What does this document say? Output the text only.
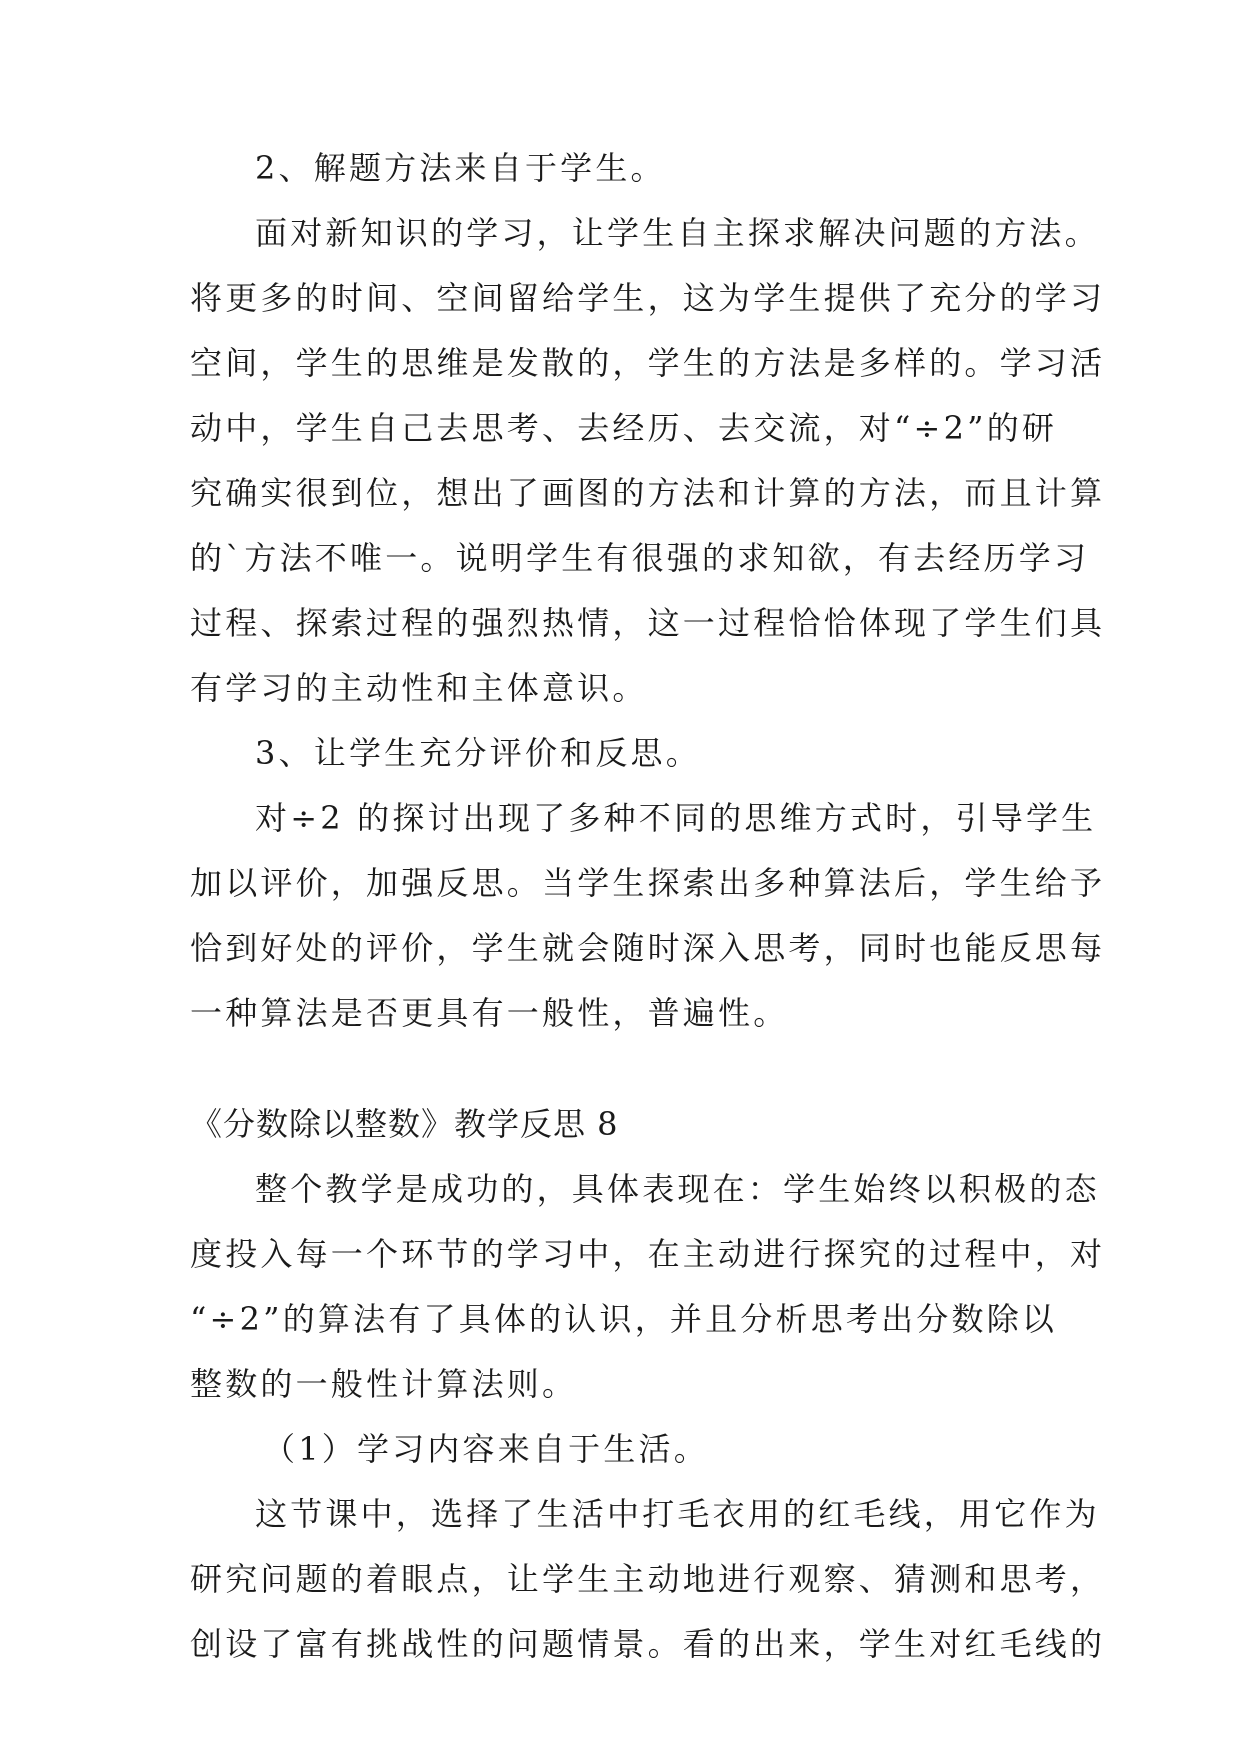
2、解题方法来自于学生。
面对新知识的学习，让学生自主探求解决问题的方法。
将更多的时间、空间留给学生，这为学生提供了充分的学习
空间，学生的思维是发散的，学生的方法是多样的。学习活
动中，学生自己去思考、去经历、去交流，对“÷2”的研
究确实很到位，想出了画图的方法和计算的方法，而且计算
的`方法不唯一。说明学生有很强的求知欲，有去经历学习
过程、探索过程的强烈热情，这一过程恰恰体现了学生们具
有学习的主动性和主体意识。
3、让学生充分评价和反思。
对÷2 的探讨出现了多种不同的思维方式时，引导学生
加以评价，加强反思。当学生探索出多种算法后，学生给予
恰到好处的评价，学生就会随时深入思考，同时也能反思每
一种算法是否更具有一般性，普遍性。
《分数除以整数》教学反思 8
整个教学是成功的，具体表现在：学生始终以积极的态
度投入每一个环节的学习中，在主动进行探究的过程中，对
“÷2”的算法有了具体的认识，并且分析思考出分数除以
整数的一般性计算法则。
（1）学习内容来自于生活。
这节课中，选择了生活中打毛衣用的红毛线，用它作为
研究问题的着眼点，让学生主动地进行观察、猜测和思考，
创设了富有挑战性的问题情景。看的出来，学生对红毛线的
